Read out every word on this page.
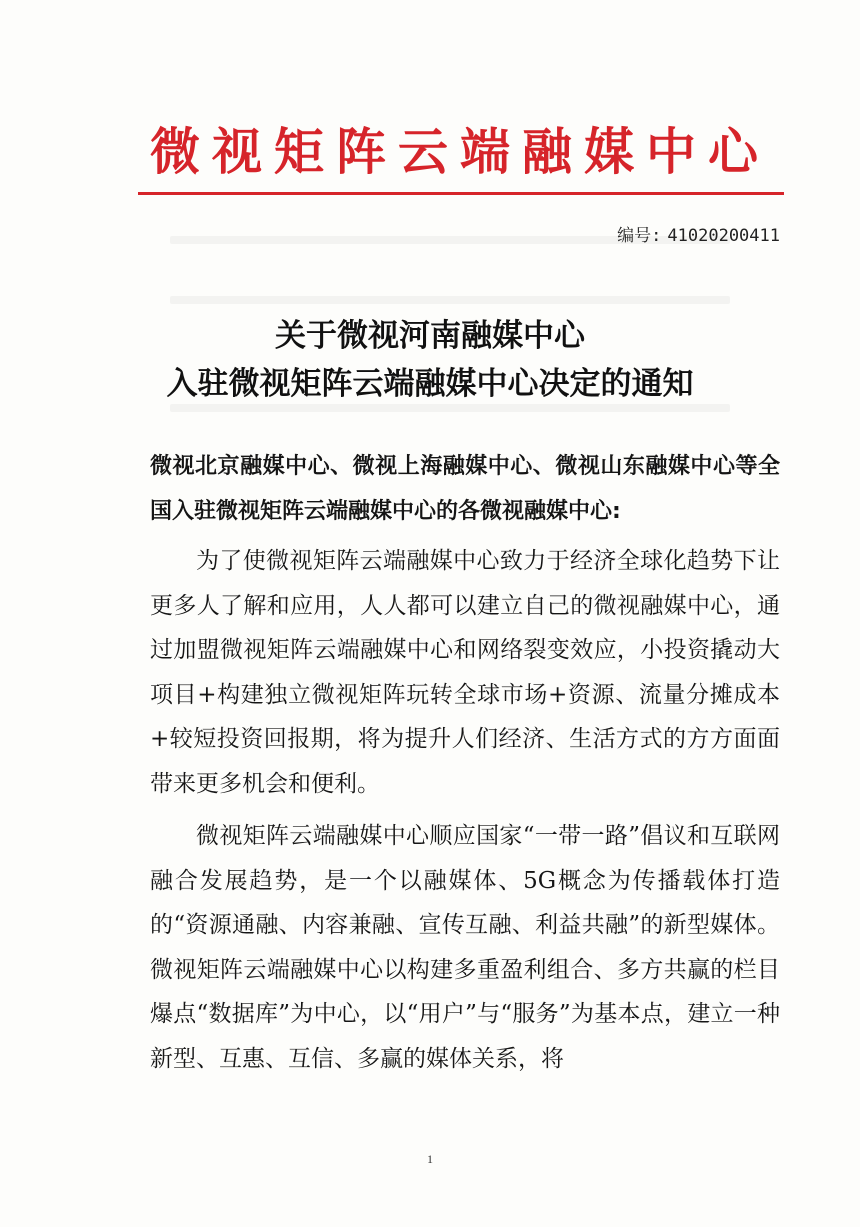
微视矩阵云端融媒中心
编号: 41020200411
关于微视河南融媒中心
入驻微视矩阵云端融媒中心决定的通知
微视北京融媒中心、微视上海融媒中心、微视山东融媒中心等全国入驻微视矩阵云端融媒中心的各微视融媒中心:
为了使微视矩阵云端融媒中心致力于经济全球化趋势下让更多人了解和应用，人人都可以建立自己的微视融媒中心，通过加盟微视矩阵云端融媒中心和网络裂变效应，小投资撬动大项目+构建独立微视矩阵玩转全球市场+资源、流量分摊成本+较短投资回报期，将为提升人们经济、生活方式的方方面面带来更多机会和便利。
微视矩阵云端融媒中心顺应国家“一带一路”倡议和互联网融合发展趋势，是一个以融媒体、5G概念为传播载体打造的“资源通融、内容兼融、宣传互融、利益共融”的新型媒体。微视矩阵云端融媒中心以构建多重盈利组合、多方共赢的栏目爆点“数据库”为中心，以“用户”与“服务”为基本点，建立一种新型、互惠、互信、多赢的媒体关系，将
1
